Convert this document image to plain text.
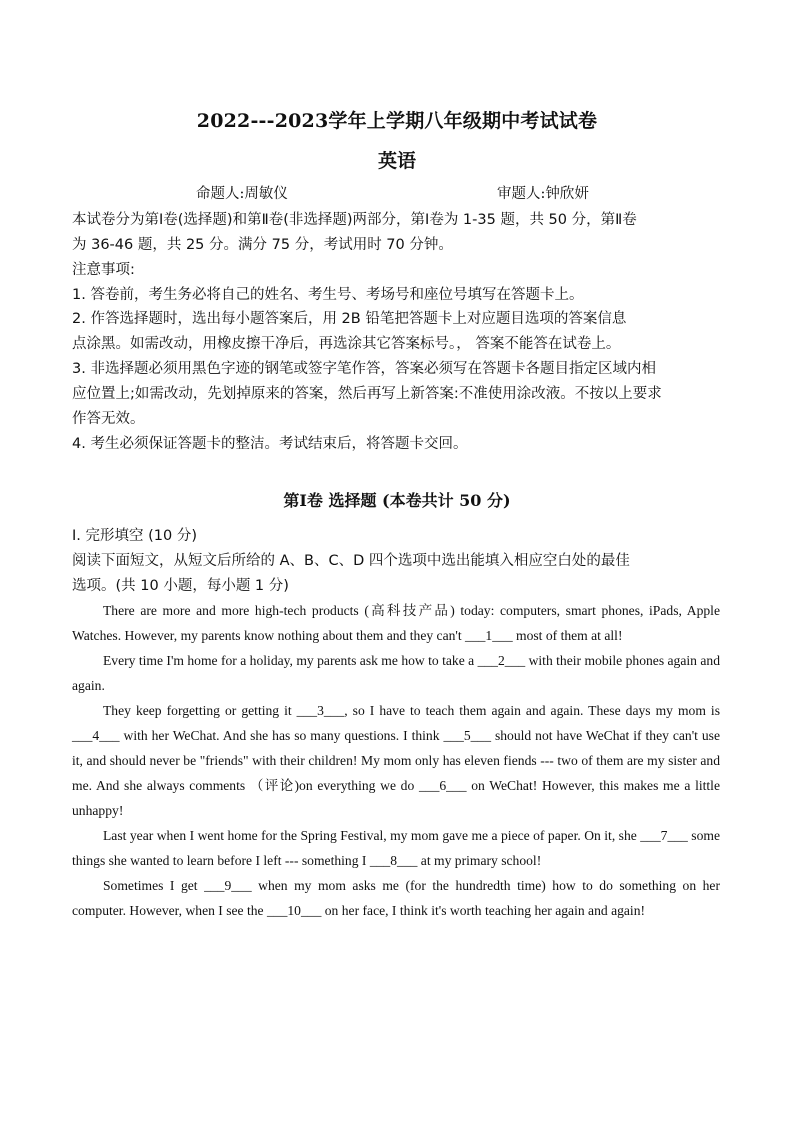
2022---2023学年上学期八年级期中考试试卷
英语
命题人:周敏仪	审题人:钟欣妍
本试卷分为第Ⅰ卷(选择题)和第Ⅱ卷(非选择题)两部分，第Ⅰ卷为 1-35 题，共 50 分，第Ⅱ卷
为 36-46 题，共 25 分。满分 75 分，考试用时 70 分钟。
注意事项:
1. 答卷前，考生务必将自己的姓名、考生号、考场号和座位号填写在答题卡上。
2. 作答选择题时，选出每小题答案后，用 2B 铅笔把答题卡上对应题目选项的答案信息
点涂黑。如需改动，用橡皮擦干净后，再选涂其它答案标号。， 答案不能答在试卷上。
3. 非选择题必须用黑色字迹的钢笔或签字笔作答，答案必须写在答题卡各题目指定区域内相
应位置上;如需改动，先划掉原来的答案，然后再写上新答案:不准使用涂改液。不按以上要求
作答无效。
4. 考生必须保证答题卡的整洁。考试结束后，将答题卡交回。
第Ⅰ卷 选择题 (本卷共计 50 分)
I. 完形填空 (10 分)
阅读下面短文，从短文后所给的 A、B、C、D 四个选项中选出能填入相应空白处的最佳
选项。(共 10 小题，每小题 1 分)

There are more and more high-tech products (高科技产品) today: computers, smart phones, iPads, Apple Watches. However, my parents know nothing about them and they can't ___1___ most of them at all!

Every time I'm home for a holiday, my parents ask me how to take a ___2___ with their mobile phones again and again.

They keep forgetting or getting it ___3___, so I have to teach them again and again. These days my mom is ___4___ with her WeChat. And she has so many questions. I think ___5___ should not have WeChat if they can't use it, and should never be "friends" with their children! My mom only has eleven fiends --- two of them are my sister and me. And she always comments （评论)on everything we do ___6___ on WeChat! However, this makes me a little unhappy!

Last year when I went home for the Spring Festival, my mom gave me a piece of paper. On it, she ___7___ some things she wanted to learn before I left --- something I ___8___ at my primary school!

Sometimes I get ___9___ when my mom asks me (for the hundredth time) how to do something on her computer. However, when I see the ___10___ on her face, I think it's worth teaching her again and again!
